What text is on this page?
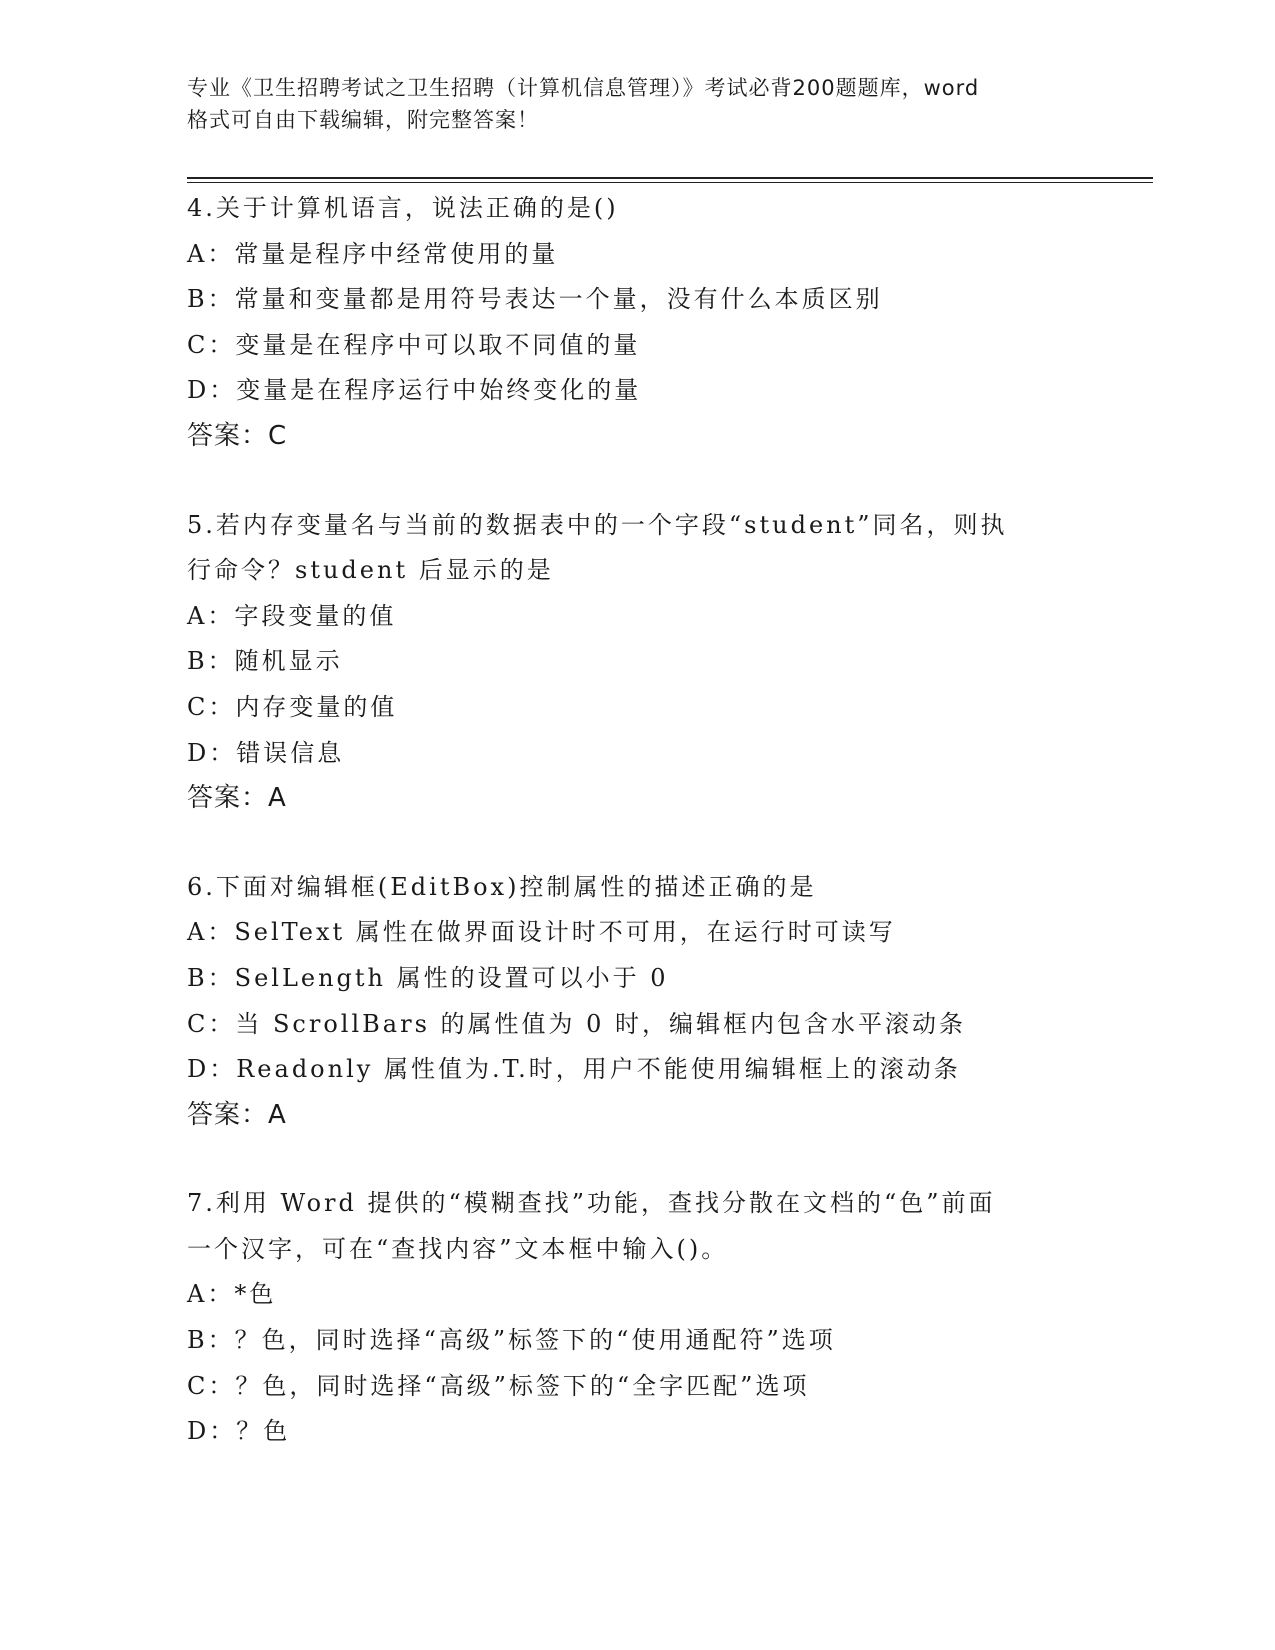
专业《卫生招聘考试之卫生招聘（计算机信息管理）》考试必背200题题库，word
格式可自由下载编辑，附完整答案！
4.关于计算机语言，说法正确的是()
A：常量是程序中经常使用的量
B：常量和变量都是用符号表达一个量，没有什么本质区别
C：变量是在程序中可以取不同值的量
D：变量是在程序运行中始终变化的量
答案：C
5.若内存变量名与当前的数据表中的一个字段“student”同名，则执
行命令？student 后显示的是
A：字段变量的值
B：随机显示
C：内存变量的值
D：错误信息
答案：A
6.下面对编辑框(EditBox)控制属性的描述正确的是
A：SelText 属性在做界面设计时不可用，在运行时可读写
B：SelLength 属性的设置可以小于 0
C：当 ScrollBars 的属性值为 0 时，编辑框内包含水平滚动条
D：Readonly 属性值为.T.时，用户不能使用编辑框上的滚动条
答案：A
7.利用 Word 提供的“模糊查找”功能，查找分散在文档的“色”前面
一个汉字，可在“查找内容”文本框中输入()。
A：*色
B：？色，同时选择“高级”标签下的“使用通配符”选项
C：？色，同时选择“高级”标签下的“全字匹配”选项
D：？色
